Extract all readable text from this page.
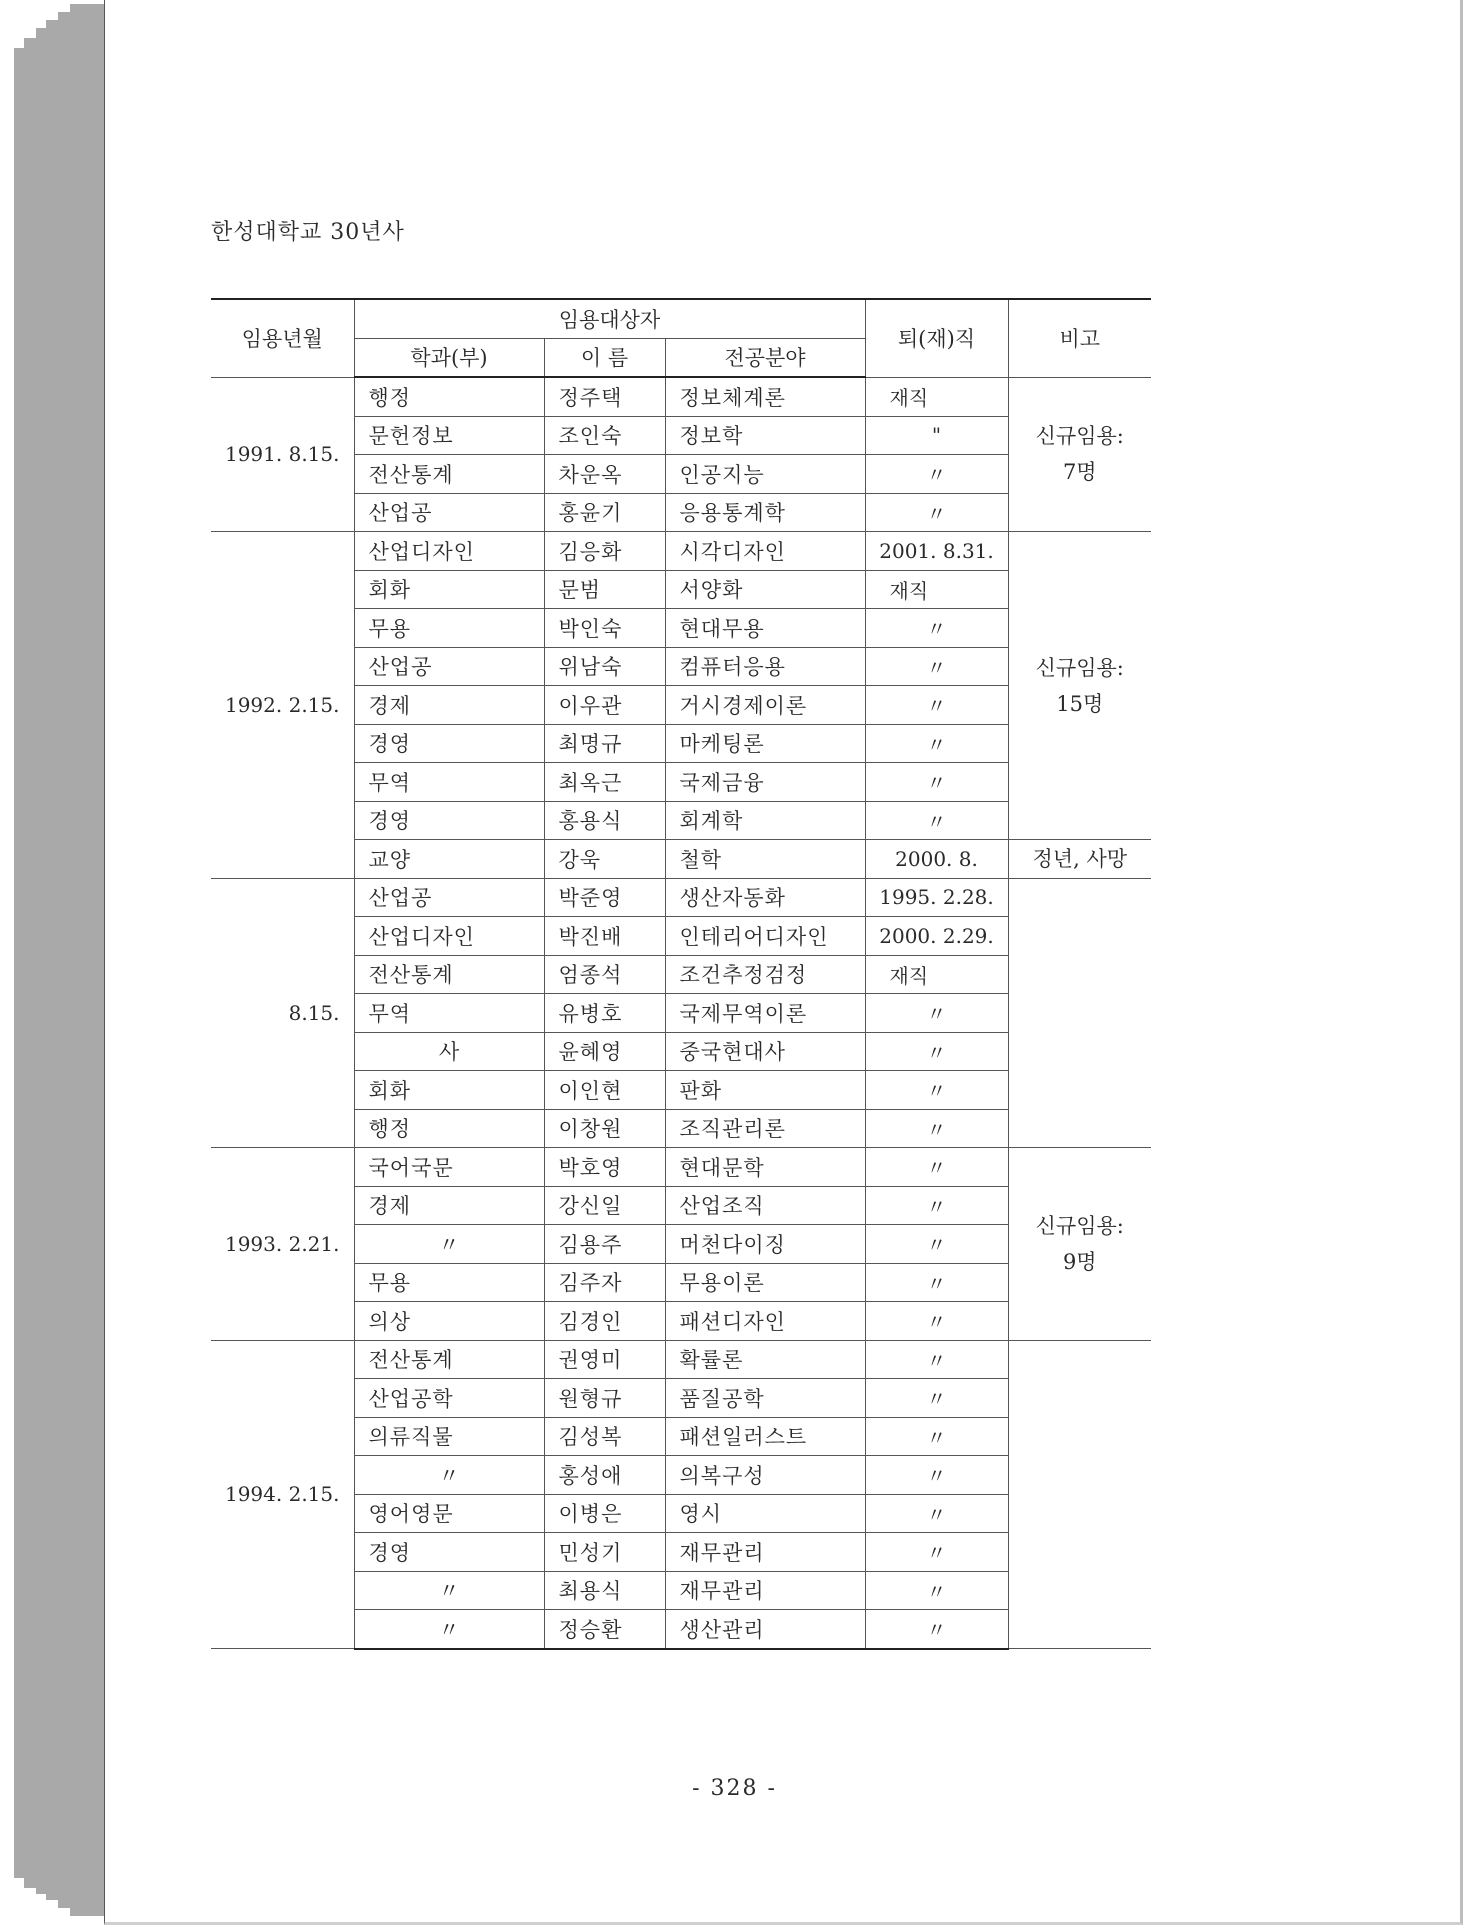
한성대학교 30년사
임용년월	임용대상자			퇴(재)직	비고
	학과(부)	이 름	전공분야		
1991. 8.15.	행정	정주택	정보체계론	재직	신규임용:
7명
	문헌정보	조인숙	정보학	"	
	전산통계	차운옥	인공지능	〃	
	산업공	홍윤기	응용통계학	〃	
1992. 2.15.	산업디자인	김응화	시각디자인	2001. 8.31.	신규임용:
15명
	회화	문범	서양화	재직	
	무용	박인숙	현대무용	〃	
	산업공	위남숙	컴퓨터응용	〃	
	경제	이우관	거시경제이론	〃	
	경영	최명규	마케팅론	〃	
	무역	최옥근	국제금융	〃	
	경영	홍용식	회계학	〃	
	교양	강욱	철학	2000. 8.	정년, 사망
8.15.	산업공	박준영	생산자동화	1995. 2.28.	
	산업디자인	박진배	인테리어디자인	2000. 2.29.	
	전산통계	엄종석	조건추정검정	재직	
	무역	유병호	국제무역이론	〃	
	사	윤혜영	중국현대사	〃	
	회화	이인현	판화	〃	
	행정	이창원	조직관리론	〃	
1993. 2.21.	국어국문	박호영	현대문학	〃	신규임용:
9명
	경제	강신일	산업조직	〃	
	〃	김용주	머천다이징	〃	
	무용	김주자	무용이론	〃	
	의상	김경인	패션디자인	〃	
1994. 2.15.	전산통계	권영미	확률론	〃	
	산업공학	원형규	품질공학	〃	
	의류직물	김성복	패션일러스트	〃	
	〃	홍성애	의복구성	〃	
	영어영문	이병은	영시	〃	
	경영	민성기	재무관리	〃	
	〃	최용식	재무관리	〃	
	〃	정승환	생산관리	〃	
- 328 -
